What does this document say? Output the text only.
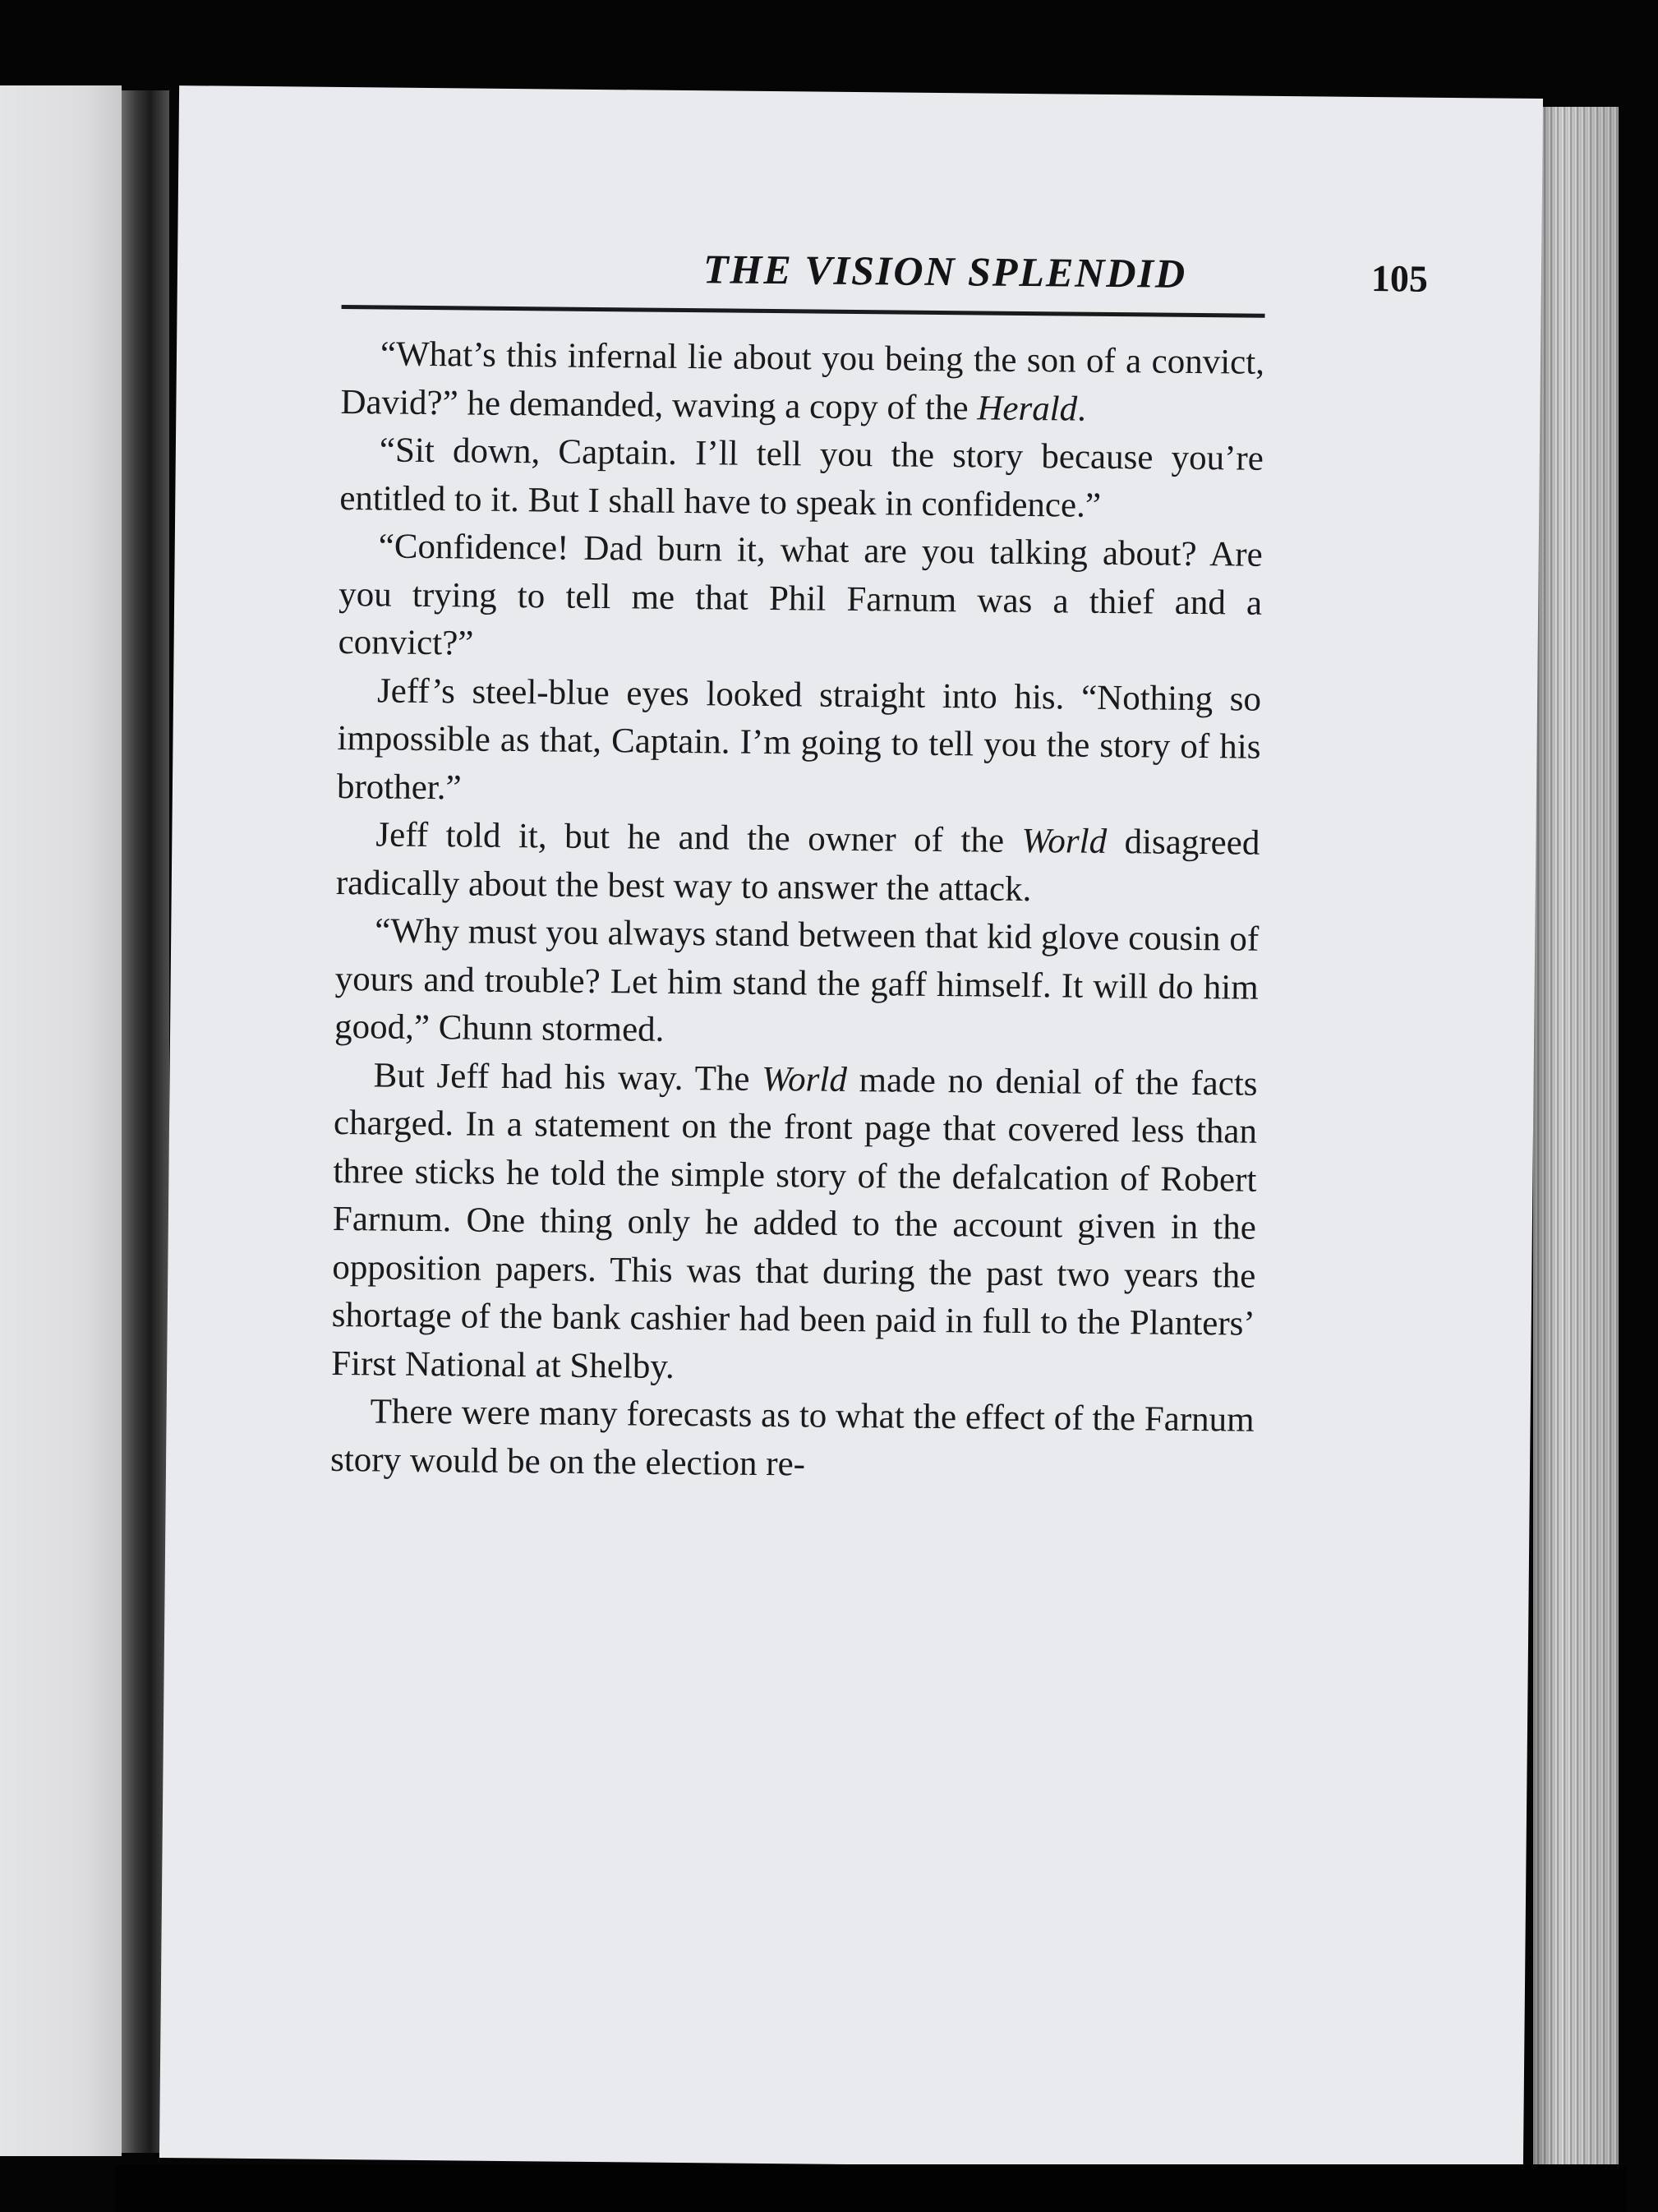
THE VISION SPLENDID	105

“What’s this infernal lie about you being the son of a convict, David?” he demanded, waving a copy of the Herald.

“Sit down, Captain. I’ll tell you the story because you’re entitled to it. But I shall have to speak in confidence.”

“Confidence! Dad burn it, what are you talking about? Are you trying to tell me that Phil Farnum was a thief and a convict?”

Jeff’s steel-blue eyes looked straight into his. “Nothing so impossible as that, Captain. I’m going to tell you the story of his brother.”

Jeff told it, but he and the owner of the World disagreed radically about the best way to answer the attack.

“Why must you always stand between that kid glove cousin of yours and trouble? Let him stand the gaff himself. It will do him good,” Chunn stormed.

But Jeff had his way. The World made no denial of the facts charged. In a statement on the front page that covered less than three sticks he told the simple story of the defalcation of Robert Farnum. One thing only he added to the account given in the opposition papers. This was that during the past two years the shortage of the bank cashier had been paid in full to the Planters’ First National at Shelby.

There were many forecasts as to what the effect of the Farnum story would be on the election re-
